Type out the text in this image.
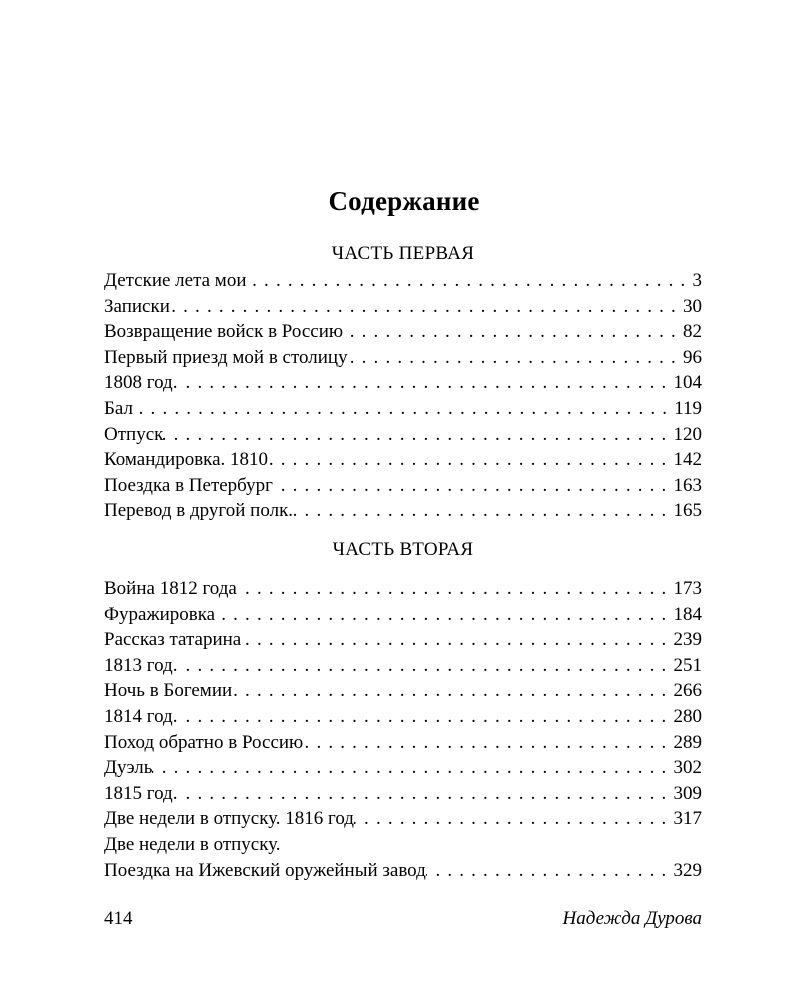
Содержание
ЧАСТЬ ПЕРВАЯ
Детские лета мои . . .	3
Записки . . .	30
Возвращение войск в Россию . . .	82
Первый приезд мой в столицу . . .	96
1808 год. . . .	104
Бал . . .	119
Отпуск . . .	120
Командировка. 1810 . . .	142
Поездка в Петербург . . .	163
Перевод в другой полк. . . .	165
ЧАСТЬ ВТОРАЯ
Война 1812 года . . .	173
Фуражировка . . .	184
Рассказ татарина . . .	239
1813 год. . . .	251
Ночь в Богемии . . .	266
1814 год. . . .	280
Поход обратно в Россию . . .	289
Дуэль . . .	302
1815 год. . . .	309
Две недели в отпуску. 1816 год . . .	317
Две недели в отпуску.
Поездка на Ижевский оружейный завод . . .	329
414	Надежда Дурова
